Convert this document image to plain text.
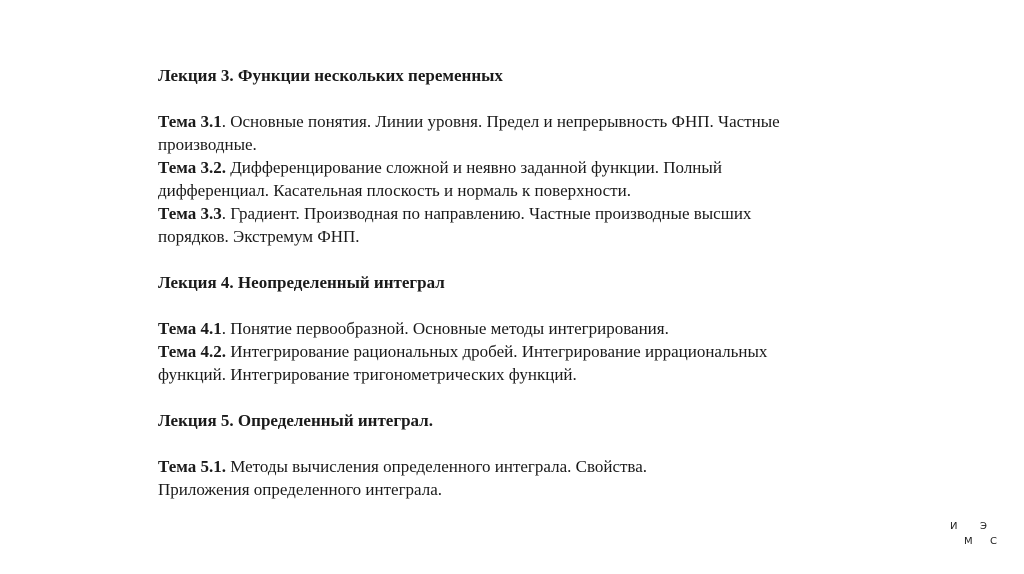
Лекция 3. Функции нескольких переменных

Тема 3.1. Основные понятия. Линии уровня. Предел и непрерывность ФНП. Частные

производные.

Тема 3.2. Дифференцирование сложной и неявно заданной функции. Полный

дифференциал. Касательная плоскость и нормаль к поверхности.

Тема 3.3. Градиент. Производная по направлению. Частные производные высших

порядков. Экстремум ФНП.

Лекция 4. Неопределенный интеграл

Тема 4.1. Понятие первообразной. Основные методы интегрирования.

Тема 4.2. Интегрирование рациональных дробей. Интегрирование иррациональных

функций. Интегрирование тригонометрических функций.

Лекция 5. Определенный интеграл.

Тема 5.1. Методы вычисления определенного интеграла. Свойства.

Приложения определенного интеграла.

И Э
М С
